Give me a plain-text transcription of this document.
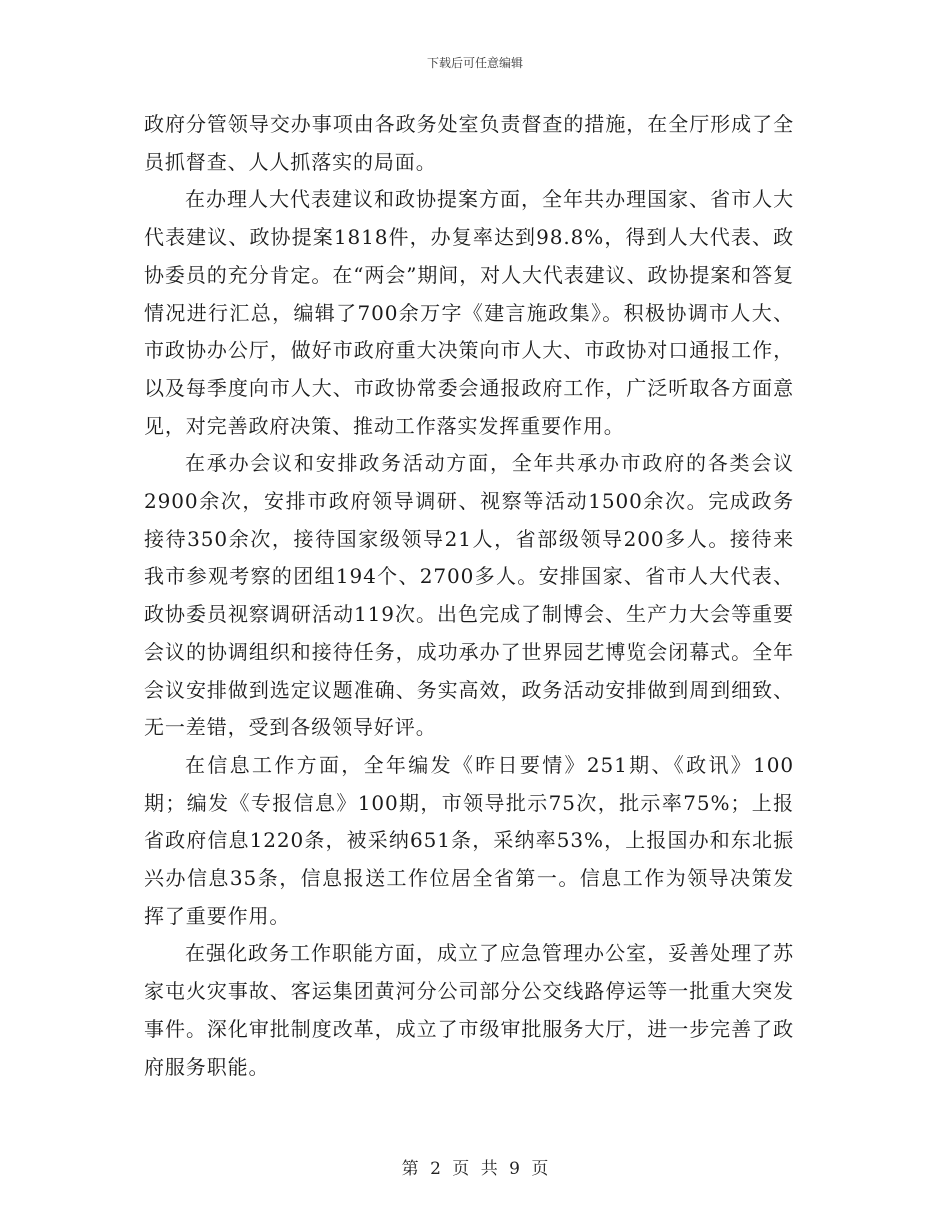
下载后可任意编辑

政府分管领导交办事项由各政务处室负责督查的措施，在全厅形成了全员抓督查、人人抓落实的局面。

在办理人大代表建议和政协提案方面，全年共办理国家、省市人大代表建议、政协提案1818件，办复率达到98.8%，得到人大代表、政协委员的充分肯定。在“两会”期间，对人大代表建议、政协提案和答复情况进行汇总，编辑了700余万字《建言施政集》。积极协调市人大、市政协办公厅，做好市政府重大决策向市人大、市政协对口通报工作，以及每季度向市人大、市政协常委会通报政府工作，广泛听取各方面意见，对完善政府决策、推动工作落实发挥重要作用。

在承办会议和安排政务活动方面，全年共承办市政府的各类会议2900余次，安排市政府领导调研、视察等活动1500余次。完成政务接待350余次，接待国家级领导21人，省部级领导200多人。接待来我市参观考察的团组194个、2700多人。安排国家、省市人大代表、政协委员视察调研活动119次。出色完成了制博会、生产力大会等重要会议的协调组织和接待任务，成功承办了世界园艺博览会闭幕式。全年会议安排做到选定议题准确、务实高效，政务活动安排做到周到细致、无一差错，受到各级领导好评。

在信息工作方面，全年编发《昨日要情》251期、《政讯》100期；编发《专报信息》100期，市领导批示75次，批示率75%；上报省政府信息1220条，被采纳651条，采纳率53%，上报国办和东北振兴办信息35条，信息报送工作位居全省第一。信息工作为领导决策发挥了重要作用。

在强化政务工作职能方面，成立了应急管理办公室，妥善处理了苏家屯火灾事故、客运集团黄河分公司部分公交线路停运等一批重大突发事件。深化审批制度改革，成立了市级审批服务大厅，进一步完善了政府服务职能。

第 2 页 共 9 页
